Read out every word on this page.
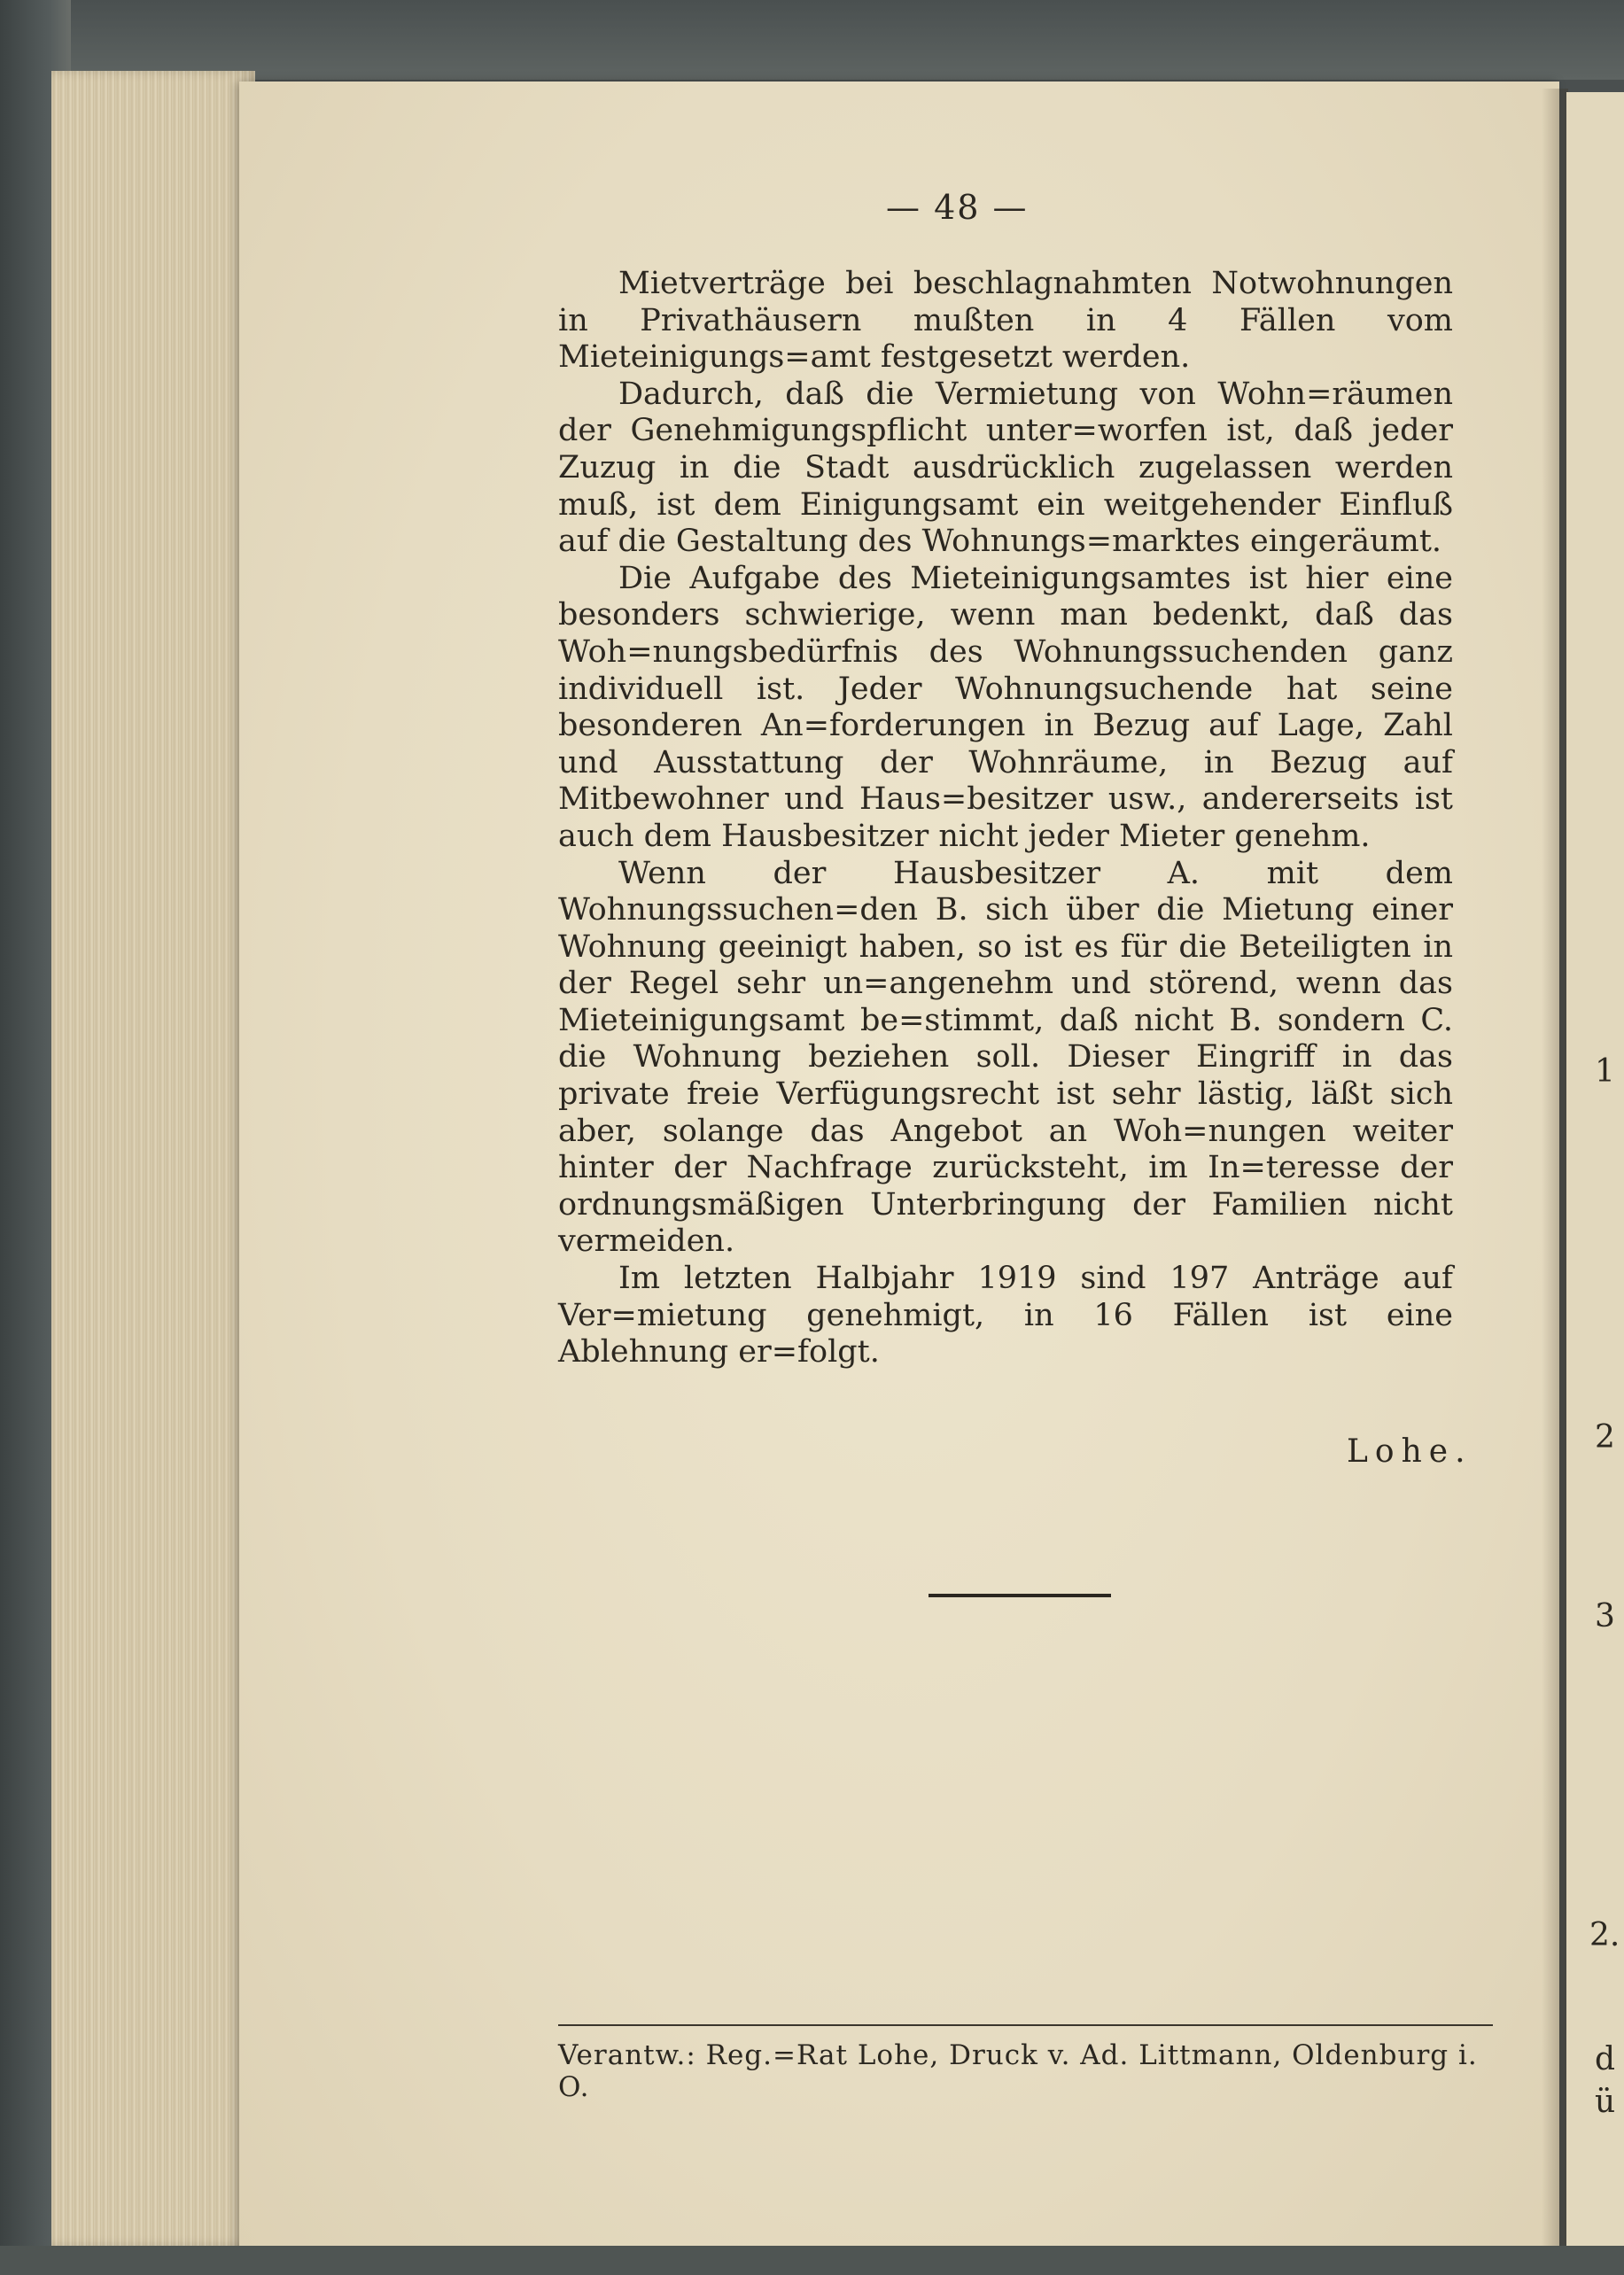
1
2
3
2.
d
ü
— 48 —

Mietverträge bei beschlagnahmten Notwohnungen in Privathäusern mußten in 4 Fällen vom Mieteinigungs=amt festgesetzt werden.

Dadurch, daß die Vermietung von Wohn=räumen der Genehmigungspflicht unter=worfen ist, daß jeder Zuzug in die Stadt ausdrücklich zugelassen werden muß, ist dem Einigungsamt ein weitgehender Einfluß auf die Gestaltung des Wohnungs=marktes eingeräumt.

Die Aufgabe des Mieteinigungsamtes ist hier eine besonders schwierige, wenn man bedenkt, daß das Woh=nungsbedürfnis des Wohnungssuchenden ganz individuell ist. Jeder Wohnungsuchende hat seine besonderen An=forderungen in Bezug auf Lage, Zahl und Ausstattung der Wohnräume, in Bezug auf Mitbewohner und Haus=besitzer usw., andererseits ist auch dem Hausbesitzer nicht jeder Mieter genehm.

Wenn der Hausbesitzer A. mit dem Wohnungssuchen=den B. sich über die Mietung einer Wohnung geeinigt haben, so ist es für die Beteiligten in der Regel sehr un=angenehm und störend, wenn das Mieteinigungsamt be=stimmt, daß nicht B. sondern C. die Wohnung beziehen soll. Dieser Eingriff in das private freie Verfügungsrecht ist sehr lästig, läßt sich aber, solange das Angebot an Woh=nungen weiter hinter der Nachfrage zurücksteht, im In=teresse der ordnungsmäßigen Unterbringung der Familien nicht vermeiden.

Im letzten Halbjahr 1919 sind 197 Anträge auf Ver=mietung genehmigt, in 16 Fällen ist eine Ablehnung er=folgt.

Lohe.
Verantw.: Reg.=Rat Lohe, Druck v. Ad. Littmann, Oldenburg i. O.
